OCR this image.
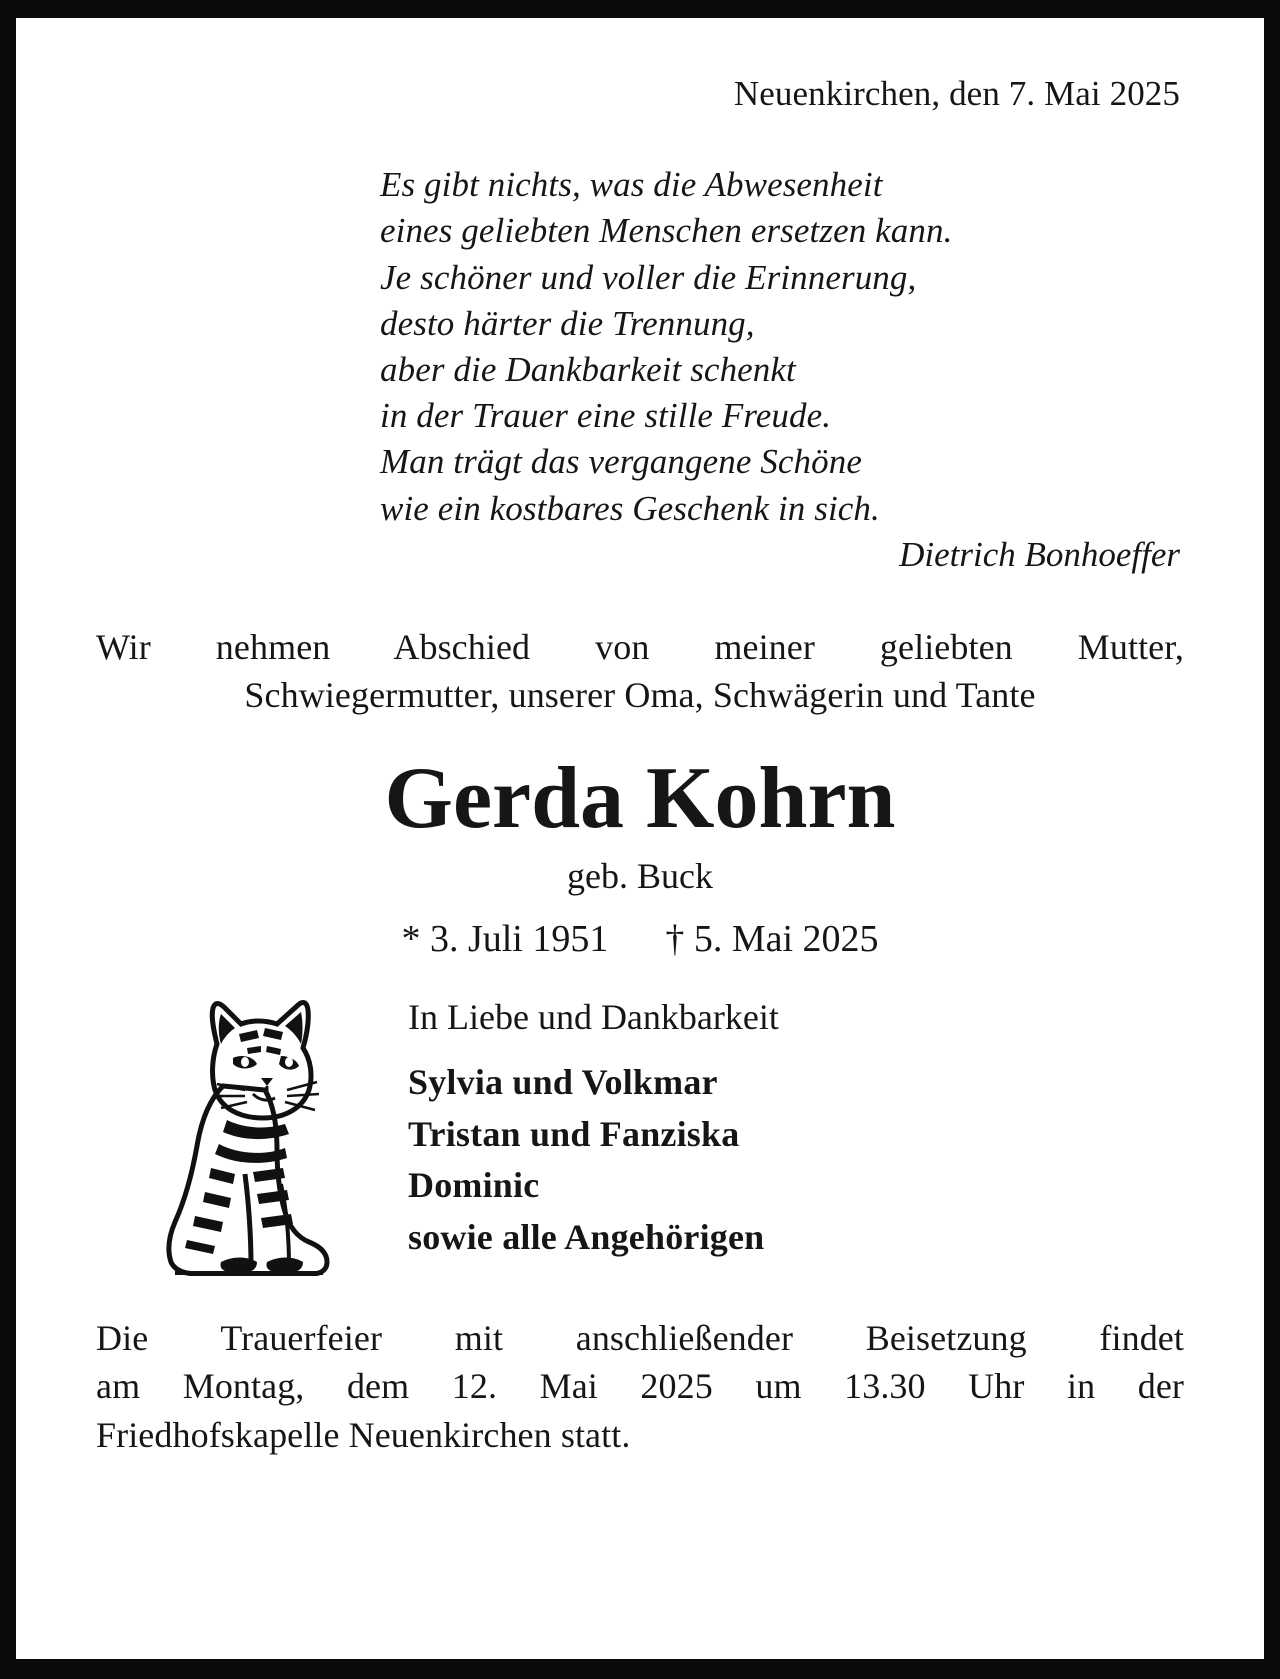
Neuenkirchen, den 7. Mai 2025
Es gibt nichts, was die Abwesenheit
eines geliebten Menschen ersetzen kann.
Je schöner und voller die Erinnerung,
desto härter die Trennung,
aber die Dankbarkeit schenkt
in der Trauer eine stille Freude.
Man trägt das vergangene Schöne
wie ein kostbares Geschenk in sich.
Dietrich Bonhoeffer
Wir nehmen Abschied von meiner geliebten Mutter,
Schwiegermutter, unserer Oma, Schwägerin und Tante
Gerda Kohrn
geb. Buck
* 3. Juli 1951      † 5. Mai 2025
In Liebe und Dankbarkeit
Sylvia und Volkmar
Tristan und Fanziska
Dominic
sowie alle Angehörigen
Die Trauerfeier mit anschließender Beisetzung findet
am Montag, dem 12. Mai 2025 um 13.30 Uhr in der
Friedhofskapelle Neuenkirchen statt.
